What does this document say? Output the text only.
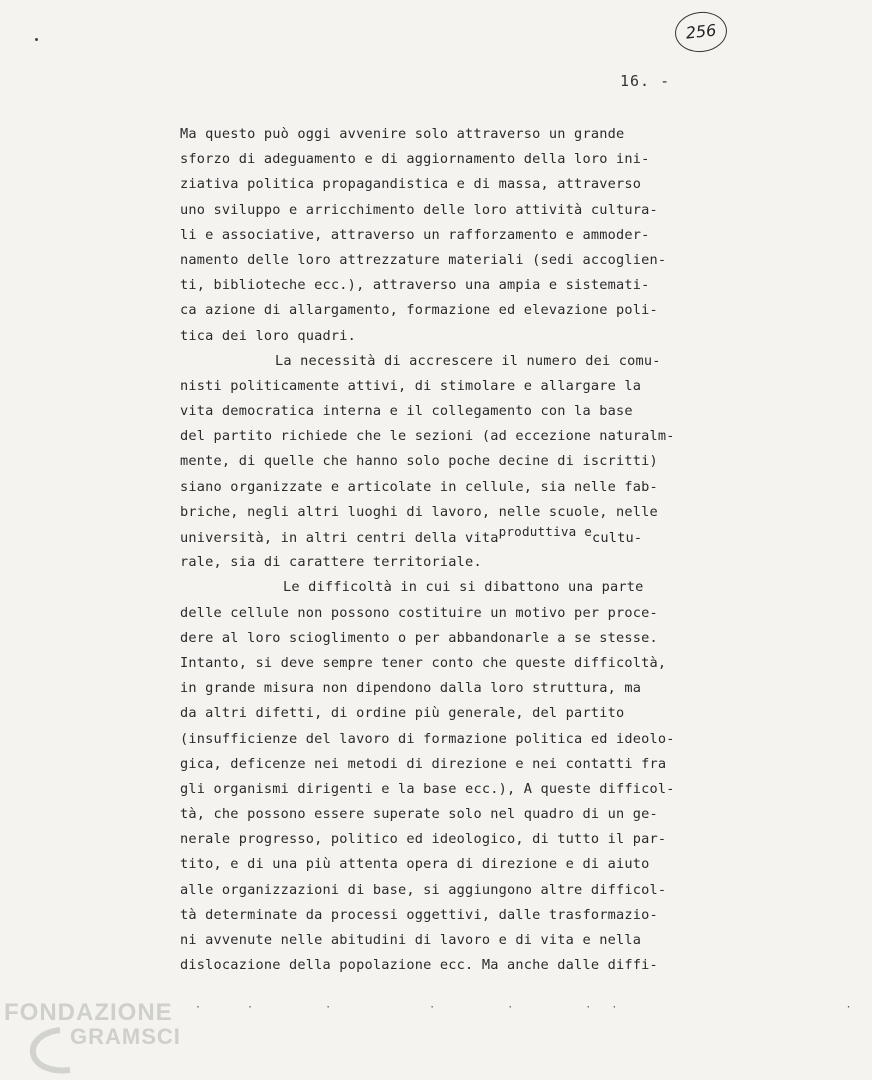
256
16. -
Ma questo può oggi avvenire solo attraverso un grande
sforzo di adeguamento e di aggiornamento della loro ini-
ziativa politica propagandistica e di massa, attraverso
uno sviluppo e arricchimento delle loro attività cultura-
li e associative, attraverso un rafforzamento e ammoder-
namento delle loro attrezzature materiali (sedi accoglien-
ti, biblioteche ecc.), attraverso una ampia e sistemati-
ca azione di allargamento, formazione ed elevazione poli-
tica dei loro quadri.
La necessità di accrescere il numero dei comu-
nisti politicamente attivi, di stimolare e allargare la
vita democratica interna e il collegamento con la base
del partito richiede che le sezioni (ad eccezione naturalm-
mente, di quelle che hanno solo poche decine di iscritti)
siano organizzate e articolate in cellule, sia nelle fab-
briche, negli altri luoghi di lavoro, nelle scuole, nelle
università, in altri centri della vitaproduttiva ecultu-
rale, sia di carattere territoriale.
Le difficoltà in cui si dibattono una parte
delle cellule non possono costituire un motivo per proce-
dere al loro scioglimento o per abbandonarle a se stesse.
Intanto, si deve sempre tener conto che queste difficoltà,
in grande misura non dipendono dalla loro struttura, ma
da altri difetti, di ordine più generale, del partito
(insufficienze del lavoro di formazione politica ed ideolo-
gica, deficenze nei metodi di direzione e nei contatti fra
gli organismi dirigenti e la base ecc.), A queste difficol-
tà, che possono essere superate solo nel quadro di un ge-
nerale progresso, politico ed ideologico, di tutto il par-
tito, e di una più attenta opera di direzione e di aiuto
alle organizzazioni di base, si aggiungono altre difficol-
tà determinate da processi oggettivi, dalle trasformazio-
ni avvenute nelle abitudini di lavoro e di vita e nella
dislocazione della popolazione ecc. Ma anche dalle diffi-
· ·  ·   ·  ·  ··        ·
FONDAZIONE
GRAMSCI
